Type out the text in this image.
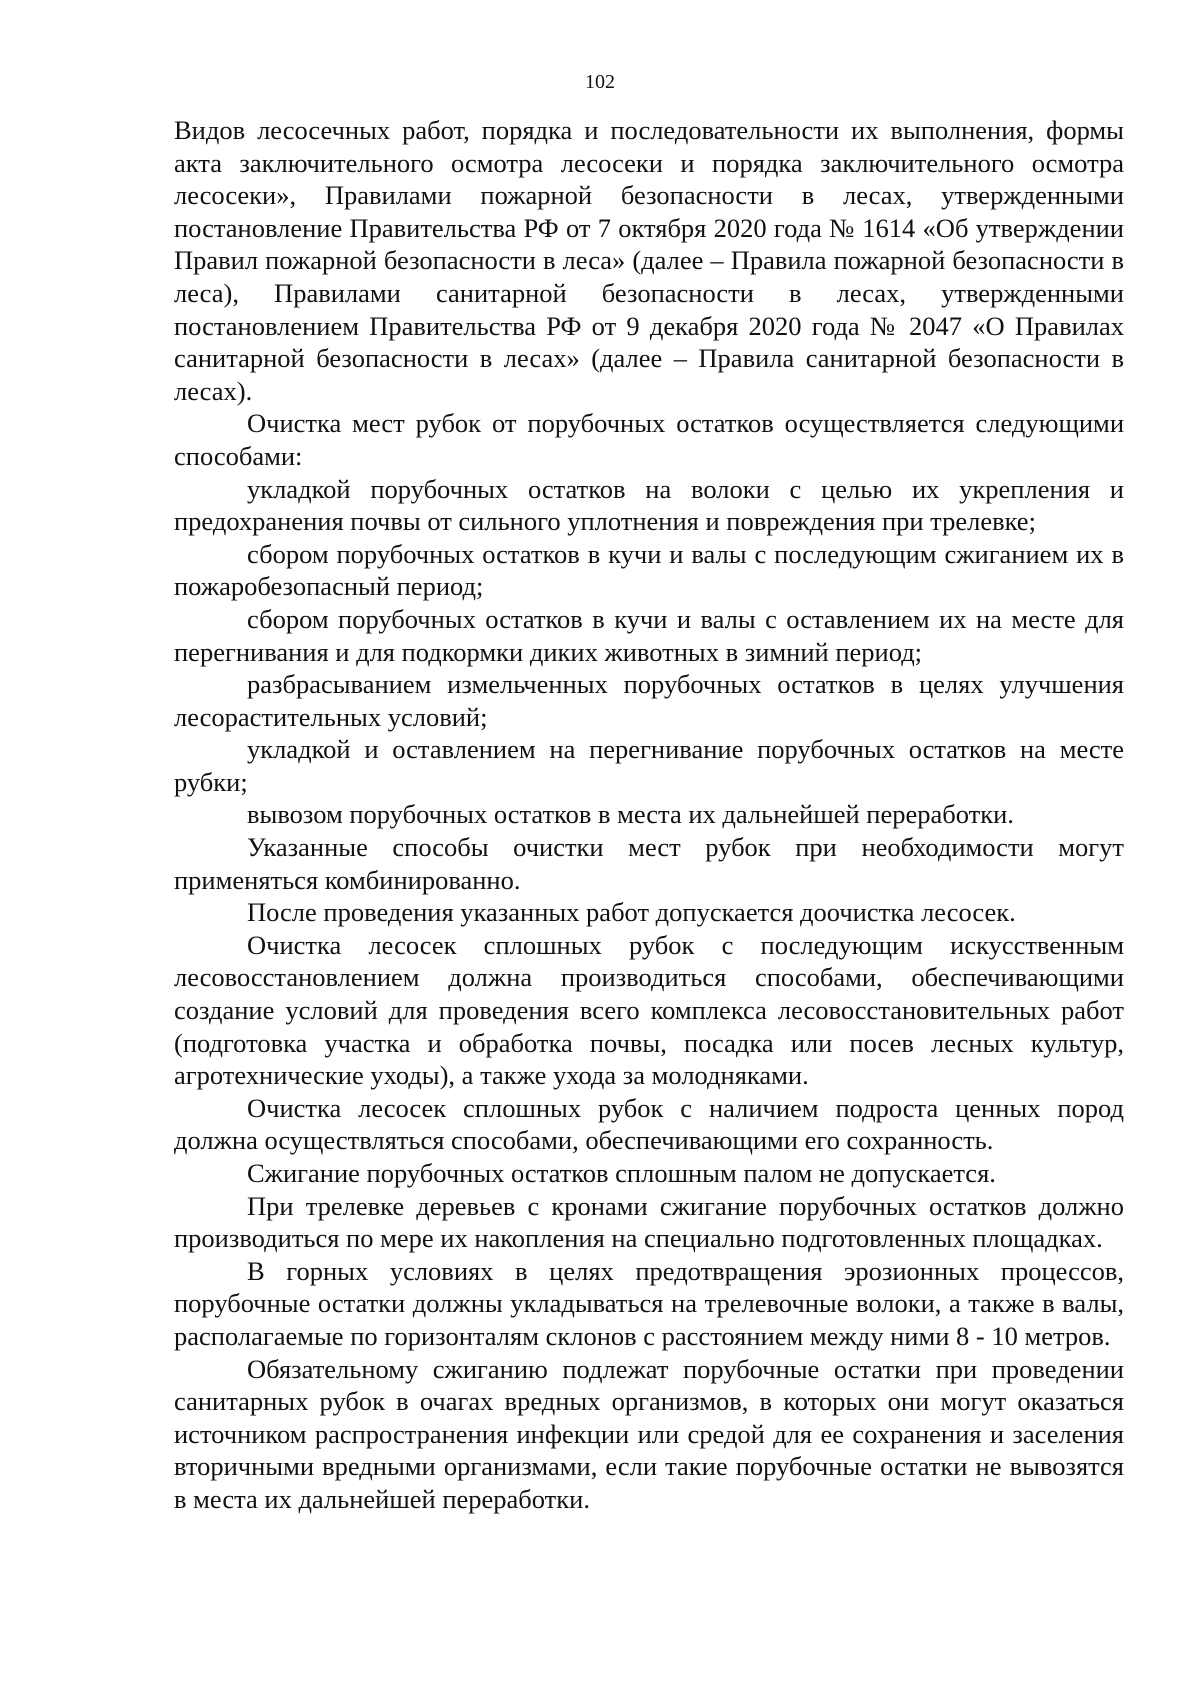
102

Видов лесосечных работ, порядка и последовательности их выполнения, формы акта заключительного осмотра лесосеки и порядка заключительного осмотра лесосеки», Правилами пожарной безопасности в лесах, утвержденными постановление Правительства РФ от 7 октября 2020 года № 1614 «Об утверждении Правил пожарной безопасности в леса» (далее – Правила пожарной безопасности в леса), Правилами санитарной безопасности в лесах, утвержденными постановлением Правительства РФ от 9 декабря 2020 года № 2047 «О Правилах санитарной безопасности в лесах» (далее – Правила санитарной безопасности в лесах).

Очистка мест рубок от порубочных остатков осуществляется следующими способами:

укладкой порубочных остатков на волоки с целью их укрепления и предохранения почвы от сильного уплотнения и повреждения при трелевке;

сбором порубочных остатков в кучи и валы с последующим сжиганием их в пожаробезопасный период;

сбором порубочных остатков в кучи и валы с оставлением их на месте для перегнивания и для подкормки диких животных в зимний период;

разбрасыванием измельченных порубочных остатков в целях улучшения лесорастительных условий;

укладкой и оставлением на перегнивание порубочных остатков на месте рубки;

вывозом порубочных остатков в места их дальнейшей переработки.

Указанные способы очистки мест рубок при необходимости могут применяться комбинированно.

После проведения указанных работ допускается доочистка лесосек.

Очистка лесосек сплошных рубок с последующим искусственным лесовосстановлением должна производиться способами, обеспечивающими создание условий для проведения всего комплекса лесовосстановительных работ (подготовка участка и обработка почвы, посадка или посев лесных культур, агротехнические уходы), а также ухода за молодняками.

Очистка лесосек сплошных рубок с наличием подроста ценных пород должна осуществляться способами, обеспечивающими его сохранность.

Сжигание порубочных остатков сплошным палом не допускается.

При трелевке деревьев с кронами сжигание порубочных остатков должно производиться по мере их накопления на специально подготовленных площадках.

В горных условиях в целях предотвращения эрозионных процессов, порубочные остатки должны укладываться на трелевочные волоки, а также в валы, располагаемые по горизонталям склонов с расстоянием между ними 8 - 10 метров.

Обязательному сжиганию подлежат порубочные остатки при проведении санитарных рубок в очагах вредных организмов, в которых они могут оказаться источником распространения инфекции или средой для ее сохранения и заселения вторичными вредными организмами, если такие порубочные остатки не вывозятся в места их дальнейшей переработки.
